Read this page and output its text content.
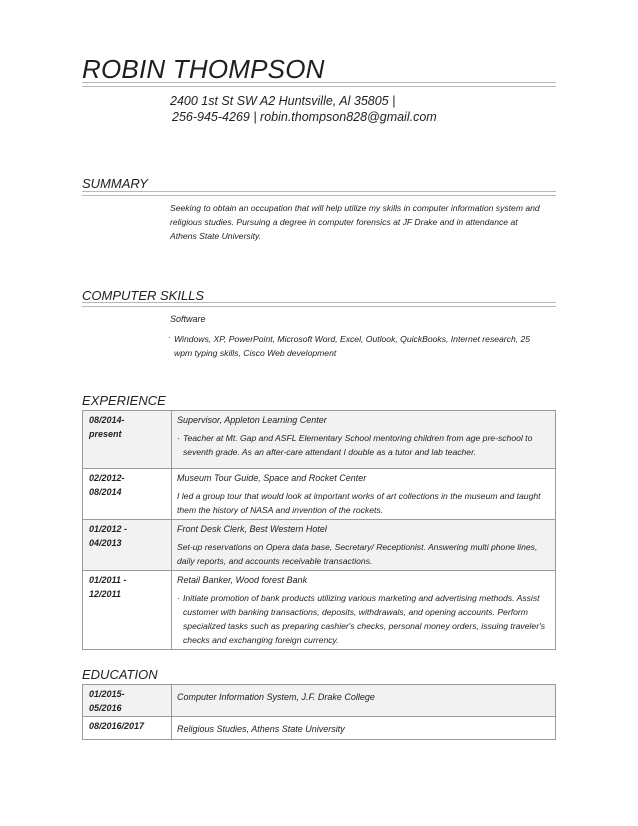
ROBIN THOMPSON
2400 1st St SW A2 Huntsville, Al 35805 |
256-945-4269 | robin.thompson828@gmail.com
SUMMARY

Seeking to obtain an occupation that will help utilize my skills in computer information system and religious studies. Pursuing a degree in computer forensics at JF Drake and in attendance at Athens State University.

COMPUTER SKILLS
Software
· Windows, XP, PowerPoint, Microsoft Word, Excel, Outlook, QuickBooks, Internet research, 25 wpm typing skills, Cisco Web development

EXPERIENCE
08/2014-
present	Supervisor, Appleton Learning Center
· Teacher at Mt. Gap and ASFL Elementary School mentoring children from age pre-school to seventh grade. As an after-care attendant I double as a tutor and lab teacher.

02/2012-
08/2014	Museum Tour Guide, Space and Rocket Center
I led a group tour that would look at important works of art collections in the museum and taught them the history of NASA and invention of the rockets.

01/2012 -
04/2013	Front Desk Clerk, Best Western Hotel
Set-up reservations on Opera data base, Secretary/ Receptionist. Answering multi phone lines, daily reports, and accounts receivable transactions.

01/2011 -
12/2011	Retail Banker, Wood forest Bank
· Initiate promotion of bank products utilizing various marketing and advertising methods. Assist customer with banking transactions, deposits, withdrawals, and opening accounts. Perform specialized tasks such as preparing cashier's checks, personal money orders, issuing traveler's checks and exchanging foreign currency.
EDUCATION
01/2015-
05/2016	Computer Information System, J.F. Drake College

08/2016/2017	Religious Studies, Athens State University
